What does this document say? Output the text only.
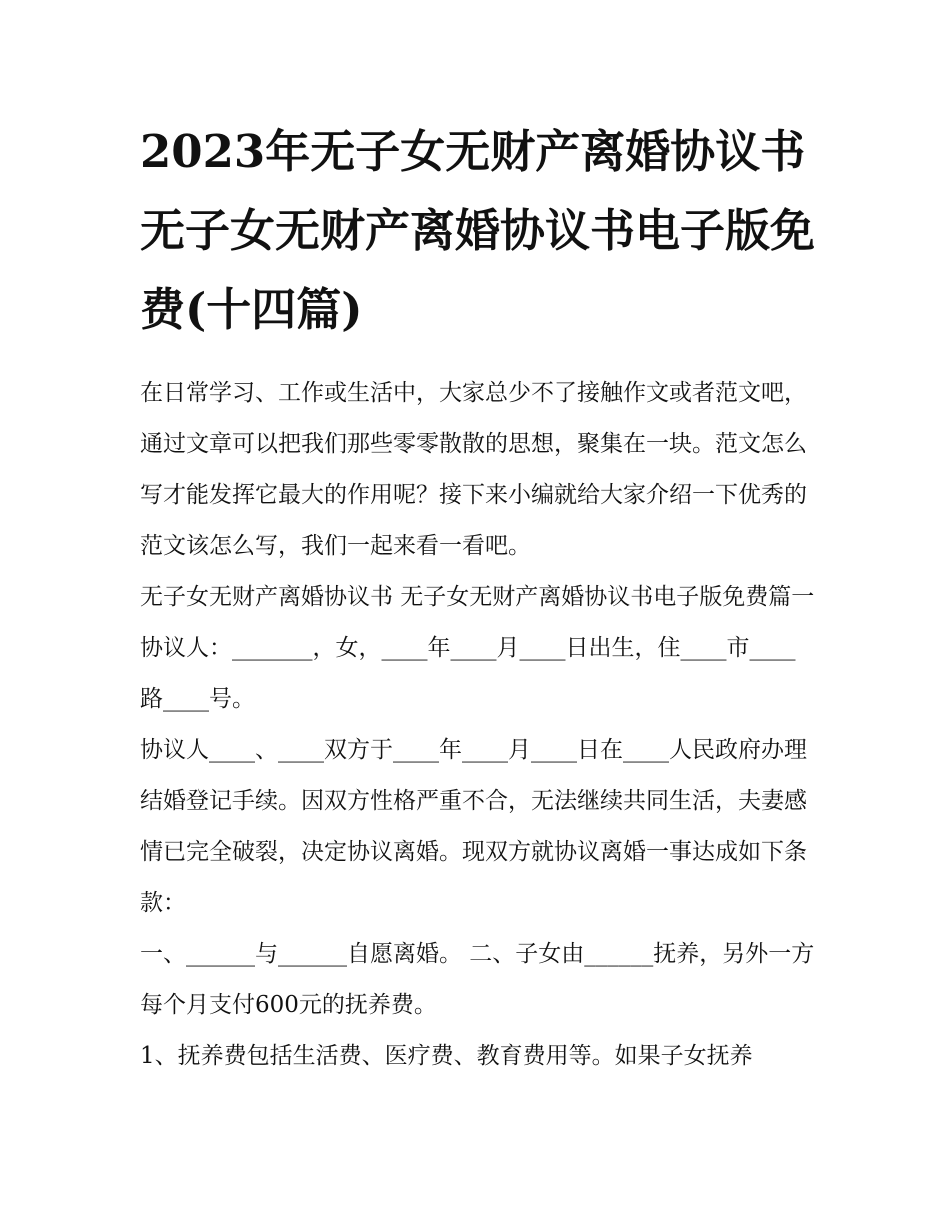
2023年无子女无财产离婚协议书 无子女无财产离婚协议书电子版免费(十四篇)

在日常学习、工作或生活中，大家总少不了接触作文或者范文吧，通过文章可以把我们那些零零散散的思想，聚集在一块。范文怎么写才能发挥它最大的作用呢？接下来小编就给大家介绍一下优秀的范文该怎么写，我们一起来看一看吧。

无子女无财产离婚协议书 无子女无财产离婚协议书电子版免费篇一

协议人：_______，女，____年____月____日出生，住____市____路____号。

协议人____、____双方于____年____月____日在____人民政府办理结婚登记手续。因双方性格严重不合，无法继续共同生活，夫妻感情已完全破裂，决定协议离婚。现双方就协议离婚一事达成如下条款：

一、______与______自愿离婚。 二、子女由______抚养，另外一方每个月支付600元的抚养费。

1、抚养费包括生活费、医疗费、教育费用等。如果子女抚养
